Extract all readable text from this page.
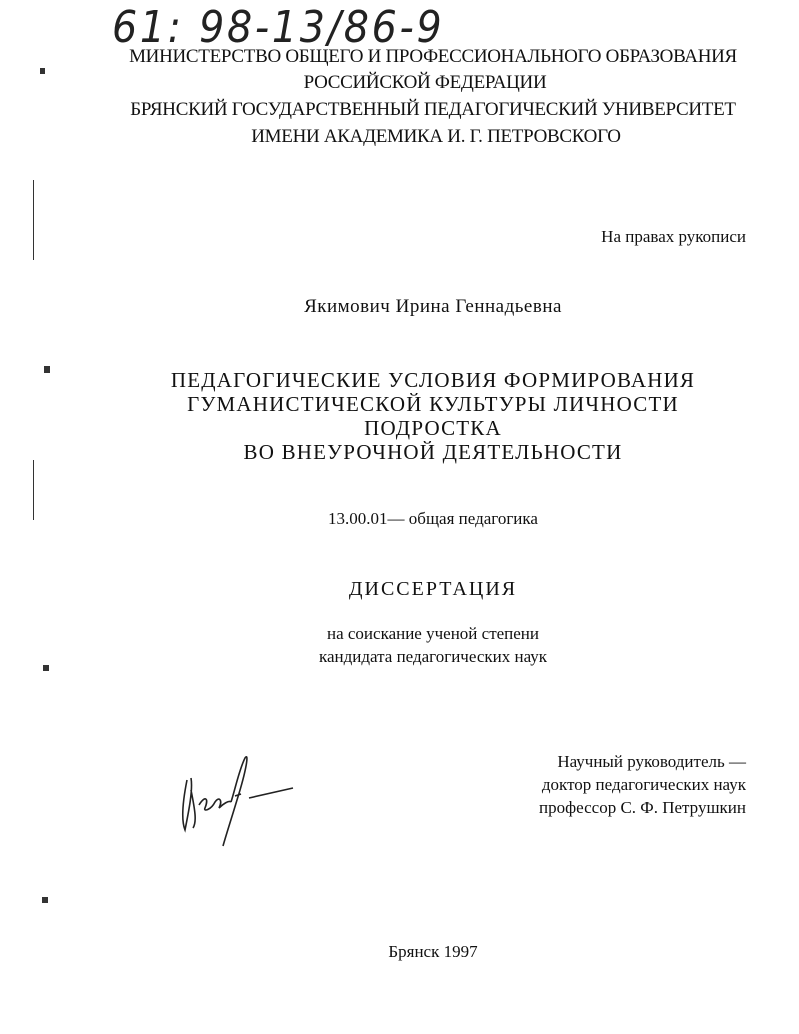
61: 98-13/86-9
МИНИСТЕРСТВО ОБЩЕГО И ПРОФЕССИОНАЛЬНОГО ОБРАЗОВАНИЯ
РОССИЙСКОЙ ФЕДЕРАЦИИ
БРЯНСКИЙ ГОСУДАРСТВЕННЫЙ ПЕДАГОГИЧЕСКИЙ УНИВЕРСИТЕТ
ИМЕНИ АКАДЕМИКА И. Г. ПЕТРОВСКОГО
На правах рукописи
Якимович Ирина Геннадьевна
ПЕДАГОГИЧЕСКИЕ УСЛОВИЯ ФОРМИРОВАНИЯ
ГУМАНИСТИЧЕСКОЙ КУЛЬТУРЫ ЛИЧНОСТИ
ПОДРОСТКА
ВО ВНЕУРОЧНОЙ ДЕЯТЕЛЬНОСТИ
13.00.01— общая педагогика
ДИССЕРТАЦИЯ
на соискание ученой степени
кандидата педагогических наук
Научный руководитель —
доктор педагогических наук
профессор С. Ф. Петрушкин
Брянск 1997
